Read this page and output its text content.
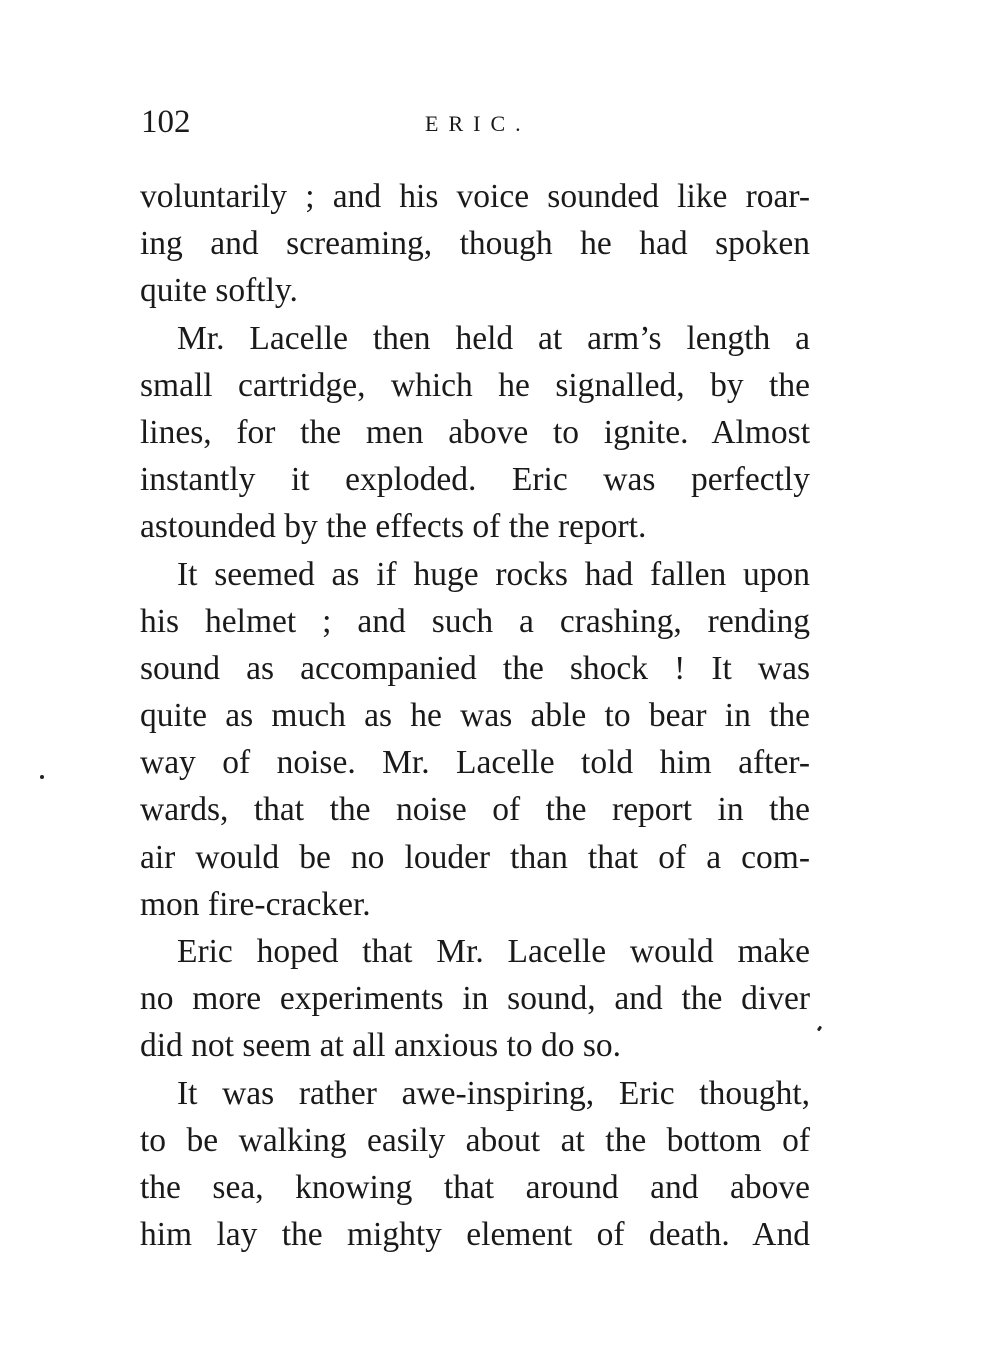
102	ERIC.
voluntarily ; and his voice sounded like roar-
ing and screaming, though he had spoken
quite softly.
Mr. Lacelle then held at arm’s length a
small cartridge, which he signalled, by the
lines, for the men above to ignite. Almost
instantly it exploded. Eric was perfectly
astounded by the effects of the report.
It seemed as if huge rocks had fallen upon
his helmet ; and such a crashing, rending
sound as accompanied the shock ! It was
quite as much as he was able to bear in the
way of noise. Mr. Lacelle told him after-
wards, that the noise of the report in the
air would be no louder than that of a com-
mon fire-cracker.
Eric hoped that Mr. Lacelle would make
no more experiments in sound, and the diver
did not seem at all anxious to do so.
It was rather awe-inspiring, Eric thought,
to be walking easily about at the bottom of
the sea, knowing that around and above
him lay the mighty element of death. And
